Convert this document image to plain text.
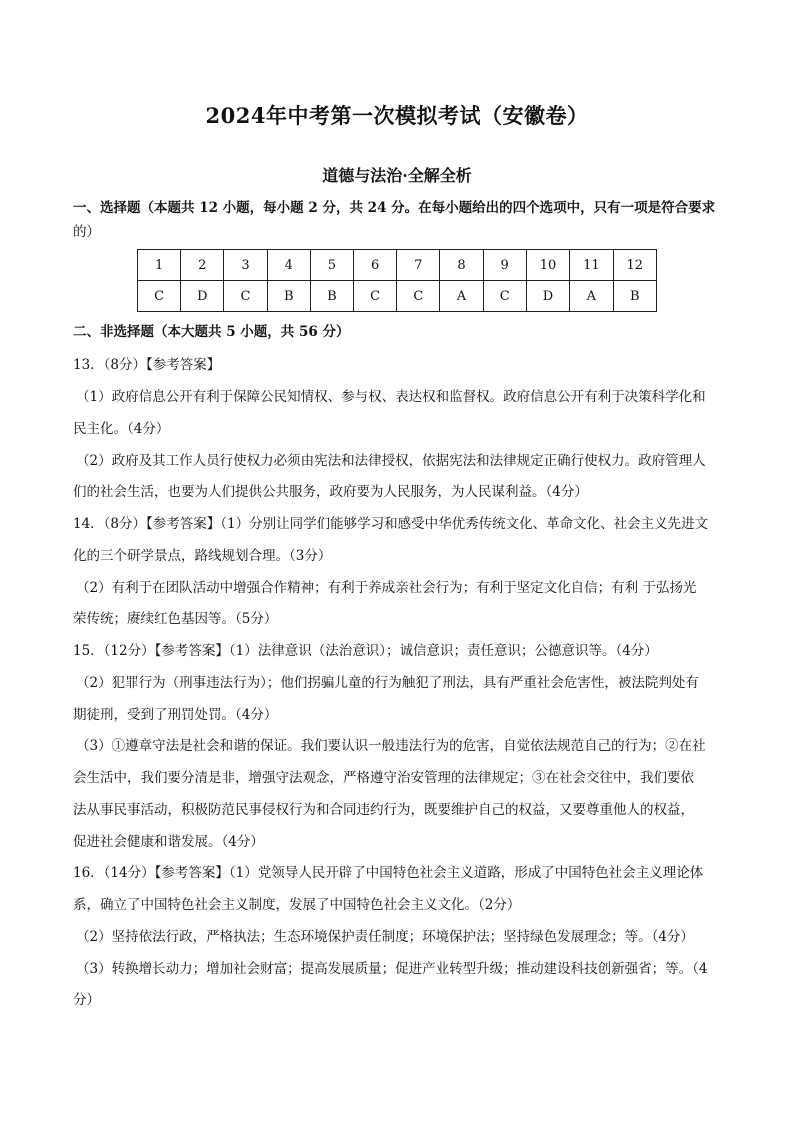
2024年中考第一次模拟考试（安徽卷）
道德与法治·全解全析
一、选择题（本题共 12 小题，每小题 2 分，共 24 分。在每小题给出的四个选项中，只有一项是符合要求
的）
1	2	3	4	5	6	7	8	9	10	11	12
C	D	C	B	B	C	C	A	C	D	A	B
二、非选择题（本大题共 5 小题，共 56 分）
13．（8分）【参考答案】
（1）政府信息公开有利于保障公民知情权、参与权、表达权和监督权。政府信息公开有利于决策科学化和
民主化。（4分）
（2）政府及其工作人员行使权力必须由宪法和法律授权，依据宪法和法律规定正确行使权力。政府管理人
们的社会生活，也要为人们提供公共服务，政府要为人民服务，为人民谋利益。（4分）
14．（8分）【参考答案】（1）分别让同学们能够学习和感受中华优秀传统文化、革命文化、社会主义先进文
化的三个研学景点，路线规划合理。（3分）
（2）有利于在团队活动中增强合作精神；有利于养成亲社会行为；有利于坚定文化自信；有利 于弘扬光
荣传统；赓续红色基因等。（5分）
15．（12分）【参考答案】（1）法律意识（法治意识）；诚信意识；责任意识；公德意识等。（4分）
（2）犯罪行为（刑事违法行为）；他们拐骗儿童的行为触犯了刑法，具有严重社会危害性，被法院判处有
期徒刑，受到了刑罚处罚。（4分）
（3）①遵章守法是社会和谐的保证。我们要认识一般违法行为的危害，自觉依法规范自己的行为；②在社
会生活中，我们要分清是非，增强守法观念，严格遵守治安管理的法律规定；③在社会交往中，我们要依
法从事民事活动，积极防范民事侵权行为和合同违约行为，既要维护自己的权益，又要尊重他人的权益，
促进社会健康和谐发展。（4分）
16．（14分）【参考答案】（1）党领导人民开辟了中国特色社会主义道路，形成了中国特色社会主义理论体
系，确立了中国特色社会主义制度，发展了中国特色社会主义文化。（2分）
（2）坚持依法行政，严格执法；生态环境保护责任制度；环境保护法；坚持绿色发展理念；等。（4分）
（3）转换增长动力；增加社会财富；提高发展质量；促进产业转型升级；推动建设科技创新强省；等。（4
分）
